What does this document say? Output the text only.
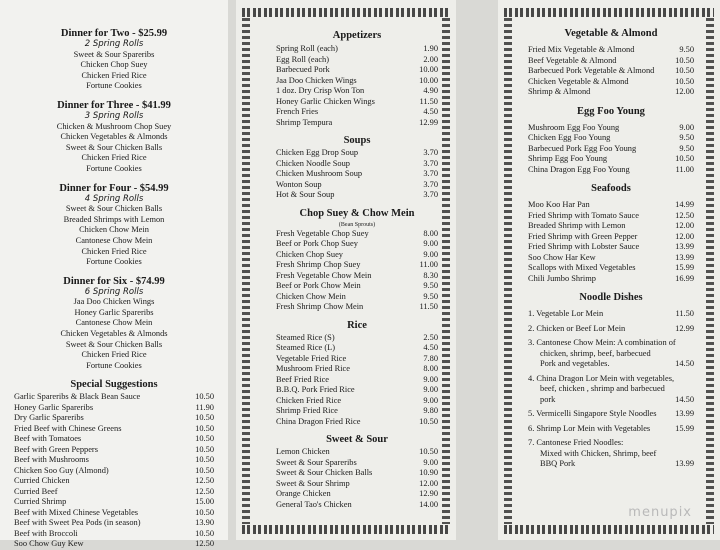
Dinner for Two - $25.99
2 Spring Rolls
Sweet & Sour Spareribs
Chicken Chop Suey
Chicken Fried Rice
Fortune Cookies
Dinner for Three - $41.99
3 Spring Rolls
Chicken & Mushroom Chop Suey
Chicken Vegetables & Almonds
Sweet & Sour Chicken Balls
Chicken Fried Rice
Fortune Cookies
Dinner for Four - $54.99
4 Spring Rolls
Sweet & Sour Chicken Balls
Breaded Shrimps with Lemon
Chicken Chow Mein
Cantonese Chow Mein
Chicken Fried Rice
Fortune Cookies
Dinner for Six - $74.99
6 Spring Rolls
Jaa Doo Chicken Wings
Honey Garlic Spareribs
Cantonese Chow Mein
Chicken Vegetables & Almonds
Sweet & Sour Chicken Balls
Chicken Fried Rice
Fortune Cookies
Special Suggestions
Garlic Spareribs & Black Bean Sauce	10.50
Honey Garlic Spareribs	11.90
Dry Garlic Spareribs	10.50
Fried Beef with Chinese Greens	10.50
Beef with Tomatoes	10.50
Beef with Green Peppers	10.50
Beef with Mushrooms	10.50
Chicken Soo Guy (Almond)	10.50
Curried Chicken	12.50
Curried Beef	12.50
Curried Shrimp	15.00
Beef with Mixed Chinese Vegetables	10.50
Beef with Sweet Pea Pods (in season)	13.90
Beef with Broccoli	10.50
Soo Chow Guy Kew	12.50
Appetizers
Spring Roll (each)	1.90
Egg Roll (each)	2.00
Barbecued Pork	10.00
Jaa Doo Chicken Wings	10.00
1 doz. Dry Crisp Won Ton	4.90
Honey Garlic Chicken Wings	11.50
French Fries	4.50
Shrimp Tempura	12.99
Soups
Chicken Egg Drop Soup	3.70
Chicken Noodle Soup	3.70
Chicken Mushroom Soup	3.70
Wonton Soup	3.70
Hot & Sour Soup	3.70
Chop Suey & Chow Mein
(Bean Sprouts)
Fresh Vegetable Chop Suey	8.00
Beef or Pork Chop Suey	9.00
Chicken Chop Suey	9.00
Fresh Shrimp Chop Suey	11.00
Fresh Vegetable Chow Mein	8.30
Beef or Pork Chow Mein	9.50
Chicken Chow Mein	9.50
Fresh Shrimp Chow Mein	11.50
Rice
Steamed Rice (S)	2.50
Steamed Rice (L)	4.50
Vegetable Fried Rice	7.80
Mushroom Fried Rice	8.00
Beef Fried Rice	9.00
B.B.Q. Pork Fried Rice	9.00
Chicken Fried Rice	9.00
Shrimp Fried Rice	9.80
China Dragon Fried Rice	10.50
Sweet & Sour
Lemon Chicken	10.50
Sweet & Sour Spareribs	9.00
Sweet & Sour Chicken Balls	10.90
Sweet & Sour Shrimp	12.00
Orange Chicken	12.90
General Tao's Chicken	14.00
Vegetable & Almond
Fried Mix Vegetable & Almond	9.50
Beef Vegetable & Almond	10.50
Barbecued Pork Vegetable & Almond 10.50
Chicken Vegetable & Almond	10.50
Shrimp & Almond	12.00
Egg Foo Young
Mushroom Egg Foo Young	9.00
Chicken Egg Foo Young	9.50
Barbecued Pork Egg Foo Young	9.50
Shrimp Egg Foo Young	10.50
China Dragon Egg Foo Young	11.00
Seafoods
Moo Koo Har Pan	14.99
Fried Shrimp with Tomato Sauce	12.50
Breaded Shrimp with Lemon	12.00
Fried Shrimp with Green Pepper	12.00
Fried Shrimp with Lobster Sauce	13.99
Soo Chow Har Kew	13.99
Scallops with Mixed Vegetables	15.99
Chili Jumbo Shrimp	16.99
Noodle Dishes
1. Vegetable Lor Mein	11.50
2. Chicken or Beef Lor Mein	12.99
3. Cantonese Chow Mein: A combination of
chicken, shrimp, beef, barbecued
Pork and vegetables.	14.50
4. China Dragon Lor Mein with vegetables,
beef, chicken , shrimp and barbecued
pork	14.50
5. Vermicelli Singapore Style Noodles 13.99
6. Shrimp Lor Mein with Vegetables	15.99
7. Cantonese Fried Noodles:
Mixed with Chicken, Shrimp, beef
BBQ Pork	13.99
menupix
